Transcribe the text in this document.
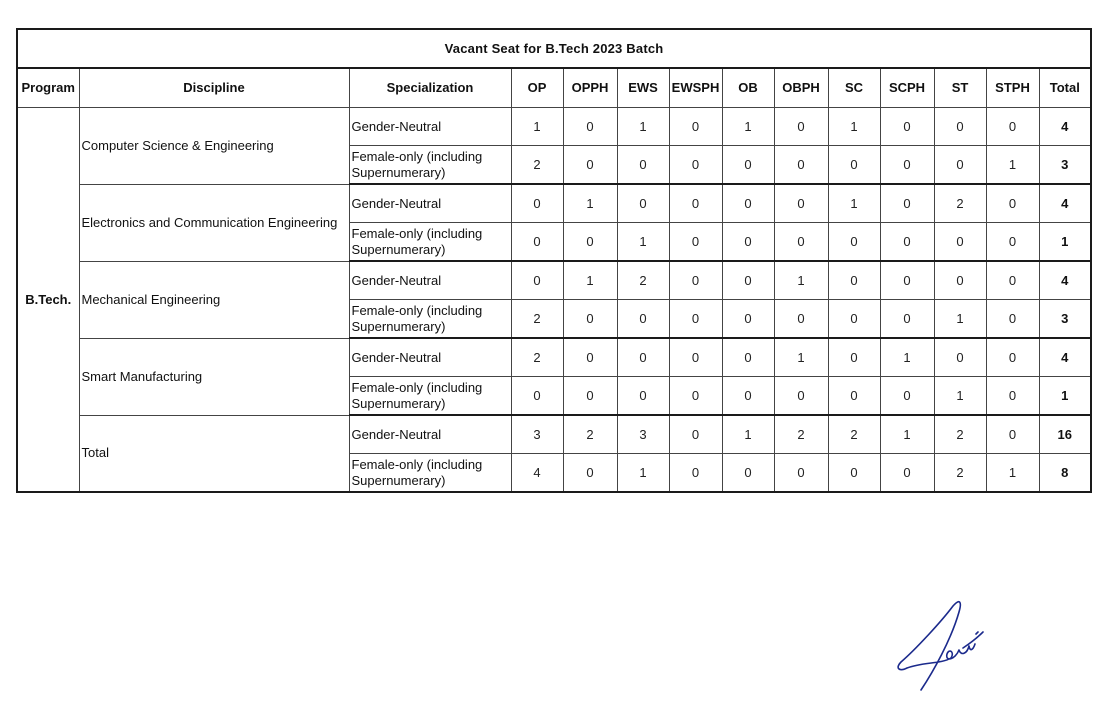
Vacant Seat for B.Tech 2023 Batch													
Program	Discipline	Specialization	OP	OPPH	EWS	EWSPH	OB	OBPH	SC	SCPH	ST	STPH	Total
B.Tech.	Computer Science & Engineering	Gender-Neutral	1	0	1	0	1	0	1	0	0	0	4
		Female-only (including Supernumerary)	2	0	0	0	0	0	0	0	0	1	3
	Electronics and Communication Engineering	Gender-Neutral	0	1	0	0	0	0	1	0	2	0	4
		Female-only (including Supernumerary)	0	0	1	0	0	0	0	0	0	0	1
	Mechanical Engineering	Gender-Neutral	0	1	2	0	0	1	0	0	0	0	4
		Female-only (including Supernumerary)	2	0	0	0	0	0	0	0	1	0	3
	Smart Manufacturing	Gender-Neutral	2	0	0	0	0	1	0	1	0	0	4
		Female-only (including Supernumerary)	0	0	0	0	0	0	0	0	1	0	1
	Total	Gender-Neutral	3	2	3	0	1	2	2	1	2	0	16
		Female-only (including Supernumerary)	4	0	1	0	0	0	0	0	2	1	8
